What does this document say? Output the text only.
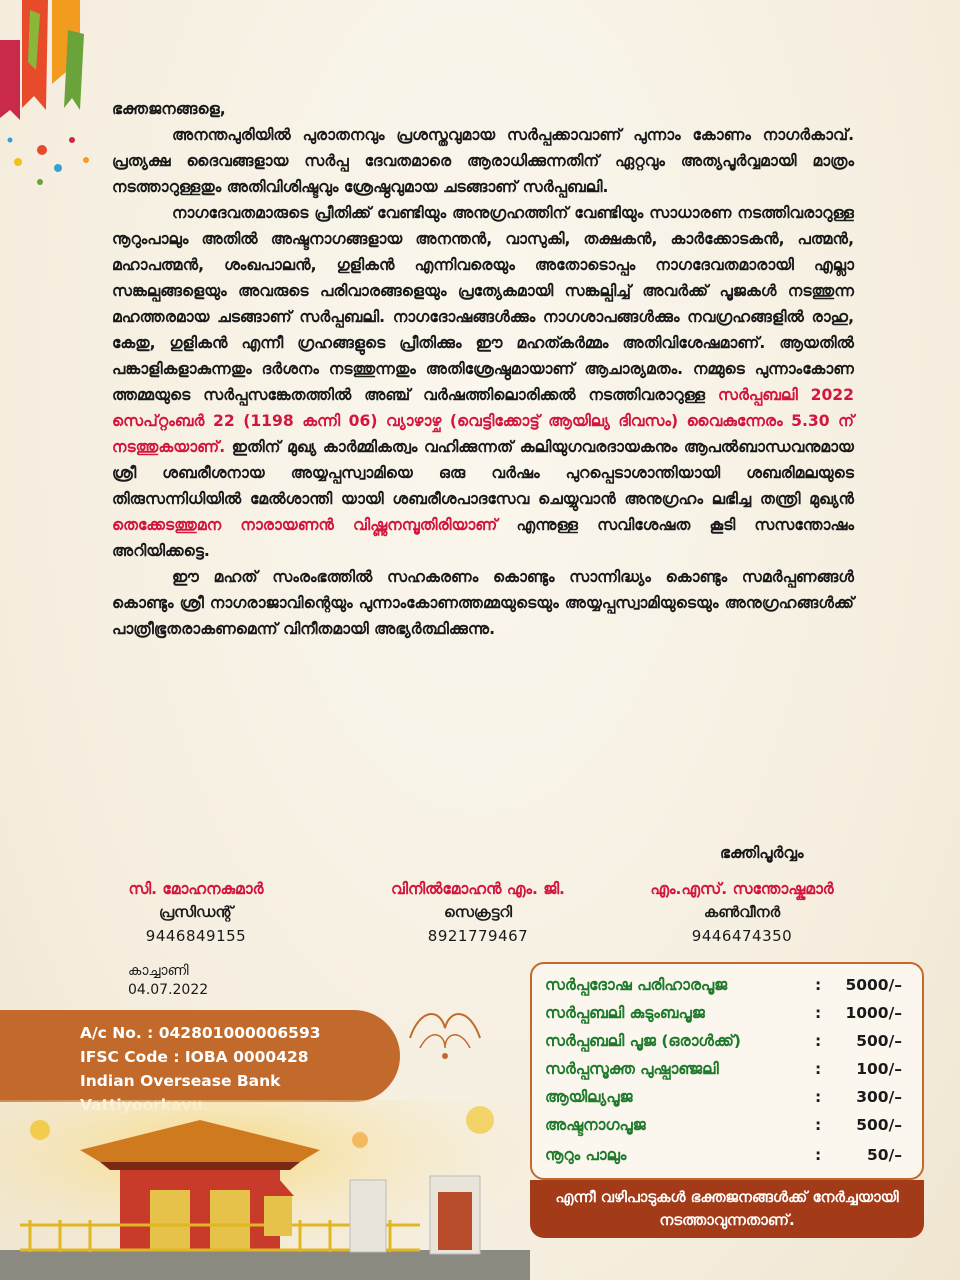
ഭക്തജനങ്ങളെ,

അനന്തപുരിയിൽ പുരാതനവും പ്രശസ്തവുമായ സർപ്പക്കാവാണ് പുന്നാം കോണം നാഗർകാവ്. പ്രത്യക്ഷ ദൈവങ്ങളായ സർപ്പ ദേവതമാരെ ആരാധിക്കുന്നതിന് ഏറ്റവും അത്യപൂർവ്വമായി മാത്രം നടത്താറുള്ളതും അതിവിശിഷ്ടവും ശ്രേഷ്ഠവുമായ ചടങ്ങാണ് സർപ്പബലി.

നാഗദേവതമാരുടെ പ്രീതിക്ക് വേണ്ടിയും അനുഗ്രഹത്തിന് വേണ്ടിയും സാധാരണ നടത്തിവരാറുള്ള നൂറുംപാലും അതിൽ അഷ്ടനാഗങ്ങളായ അനന്തൻ, വാസുകി, തക്ഷകൻ, കാർക്കോടകൻ, പത്മൻ, മഹാപത്മൻ, ശംഖപാലൻ, ഗുളികൻ എന്നിവരെയും അതോടൊപ്പം നാഗദേവതമാരായി എല്ലാ സങ്കല്പങ്ങളെയും അവരുടെ പരിവാരങ്ങളെയും പ്രത്യേകമായി സങ്കല്പിച്ച് അവർക്ക് പൂജകൾ നടത്തുന്ന മഹത്തരമായ ചടങ്ങാണ് സർപ്പബലി. നാഗദോഷങ്ങൾക്കും നാഗശാപങ്ങൾക്കും നവഗ്രഹങ്ങളിൽ രാഹു, കേതു, ഗുളികൻ എന്നീ ഗ്രഹങ്ങളുടെ പ്രീതിക്കും ഈ മഹത്കർമ്മം അതിവിശേഷമാണ്. ആയതിൽ പങ്കാളികളാകുന്നതും ദർശനം നടത്തുന്നതും അതിശ്രേഷ്ഠമായാണ് ആചാര്യമതം. നമ്മുടെ പുന്നാംകോണ ത്തമ്മയുടെ സർപ്പസങ്കേതത്തിൽ അഞ്ച് വർഷത്തിലൊരിക്കൽ നടത്തിവരാറുള്ള സർപ്പബലി 2022 സെപ്റ്റംബർ 22 (1198 കന്നി 06) വ്യാഴാഴ്ച (വെട്ടിക്കോട്ട് ആയില്യ ദിവസം) വൈകുന്നേരം 5.30 ന് നടത്തുകയാണ്. ഇതിന് മുഖ്യ കാർമ്മികത്വം വഹിക്കുന്നത് കലിയുഗവരദായകനും ആപൽബാന്ധവനുമായ ശ്രീ ശബരീശനായ അയ്യപ്പസ്വാമിയെ ഒരു വർഷം പുറപ്പെടാശാന്തിയായി ശബരിമലയുടെ തിരുസന്നിധിയിൽ മേൽശാന്തി യായി ശബരീശപാദസേവ ചെയ്യുവാൻ അനുഗ്രഹം ലഭിച്ച തന്ത്രി മുഖ്യൻ തെക്കേടത്തുമന നാരായണൻ വിഷ്ണുനമ്പൂതിരിയാണ് എന്നുള്ള സവിശേഷത കൂടി സസന്തോഷം അറിയിക്കട്ടെ.

ഈ മഹത് സംരംഭത്തിൽ സഹകരണം കൊണ്ടും സാന്നിദ്ധ്യം കൊണ്ടും സമർപ്പണങ്ങൾ കൊണ്ടും ശ്രീ നാഗരാജാവിന്റെയും പുന്നാംകോണത്തമ്മയുടെയും അയ്യപ്പസ്വാമിയുടെയും അനുഗ്രഹങ്ങൾക്ക് പാത്രീഭൂതരാകണമെന്ന് വിനീതമായി അഭ്യർത്ഥിക്കുന്നു.

ഭക്തിപൂർവ്വം
സി. മോഹനകുമാർ
പ്രസിഡന്റ്
9446849155
വിനിൽമോഹൻ എം. ജി.
സെക്രട്ടറി
8921779467
എം.എസ്. സന്തോഷ്കുമാർ
കൺവീനർ
9446474350
കാച്ചാണി
04.07.2022
A/c No. : 042801000006593
IFSC Code : IOBA 0000428
Indian Oversease Bank
സർപ്പദോഷ പരിഹാരപൂജ	: 5000/–
സർപ്പബലി കുടുംബപൂജ	: 1000/–
സർപ്പബലി പൂജ (ഒരാൾക്ക്)	: 500/–
സർപ്പസൂക്ത പുഷ്പാഞ്ജലി	: 100/–
ആയില്യപൂജ	: 300/–
അഷ്ടനാഗപൂജ	: 500/–
നൂറും പാലും	:	50/–
എന്നീ വഴിപാടുകൾ ഭക്തജനങ്ങൾക്ക് നേർച്ചയായി നടത്താവുന്നതാണ്.
